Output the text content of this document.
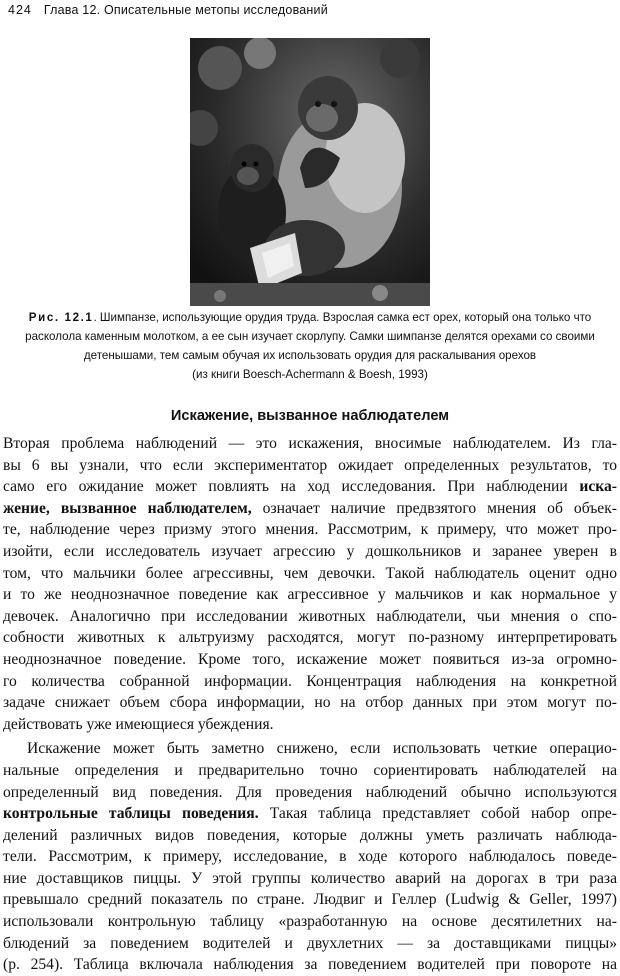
424 Глава 12. Описательные метопы исследований
Рис. 12.1. Шимпанзе, использующие орудия труда. Взрослая самка ест орех, который она только что
расколола каменным молотком, а ее сын изучает скорлупу. Самки шимпанзе делятся орехами со своими
детенышами, тем самым обучая их использовать орудия для раскалывания орехов
(из книги Boesch-Achermann & Boesh, 1993)
Искажение, вызванное наблюдателем
Вторая проблема наблюдений — это искажения, вносимые наблюдателем. Из гла-
вы 6 вы узнали, что если экспериментатор ожидает определенных результатов, то
само его ожидание может повлиять на ход исследования. При наблюдении иска-
жение, вызванное наблюдателем, означает наличие предвзятого мнения об объек-
те, наблюдение через призму этого мнения. Рассмотрим, к примеру, что может про-
изойти, если исследователь изучает агрессию у дошкольников и заранее уверен в
том, что мальчики более агрессивны, чем девочки. Такой наблюдатель оценит одно
и то же неоднозначное поведение как агрессивное у мальчиков и как нормальное у
девочек. Аналогично при исследовании животных наблюдатели, чьи мнения о спо-
собности животных к альтруизму расходятся, могут по-разному интерпретировать
неоднозначное поведение. Кроме того, искажение может появиться из-за огромно-
го количества собранной информации. Концентрация наблюдения на конкретной
задаче снижает объем сбора информации, но на отбор данных при этом могут по-
действовать уже имеющиеся убеждения.
Искажение может быть заметно снижено, если использовать четкие операцио-
нальные определения и предварительно точно сориентировать наблюдателей на
определенный вид поведения. Для проведения наблюдений обычно используются
контрольные таблицы поведения. Такая таблица представляет собой набор опре-
делений различных видов поведения, которые должны уметь различать наблюда-
тели. Рассмотрим, к примеру, исследование, в ходе которого наблюдалось поведе-
ние доставщиков пиццы. У этой группы количество аварий на дорогах в три раза
превышало средний показатель по стране. Людвиг и Геллер (Ludwig & Geller, 1997)
использовали контрольную таблицу «разработанную на основе десятилетних на-
блюдений за поведением водителей и двухлетних — за доставщиками пиццы»
(р. 254). Таблица включала наблюдения за поведением водителей при повороте на
